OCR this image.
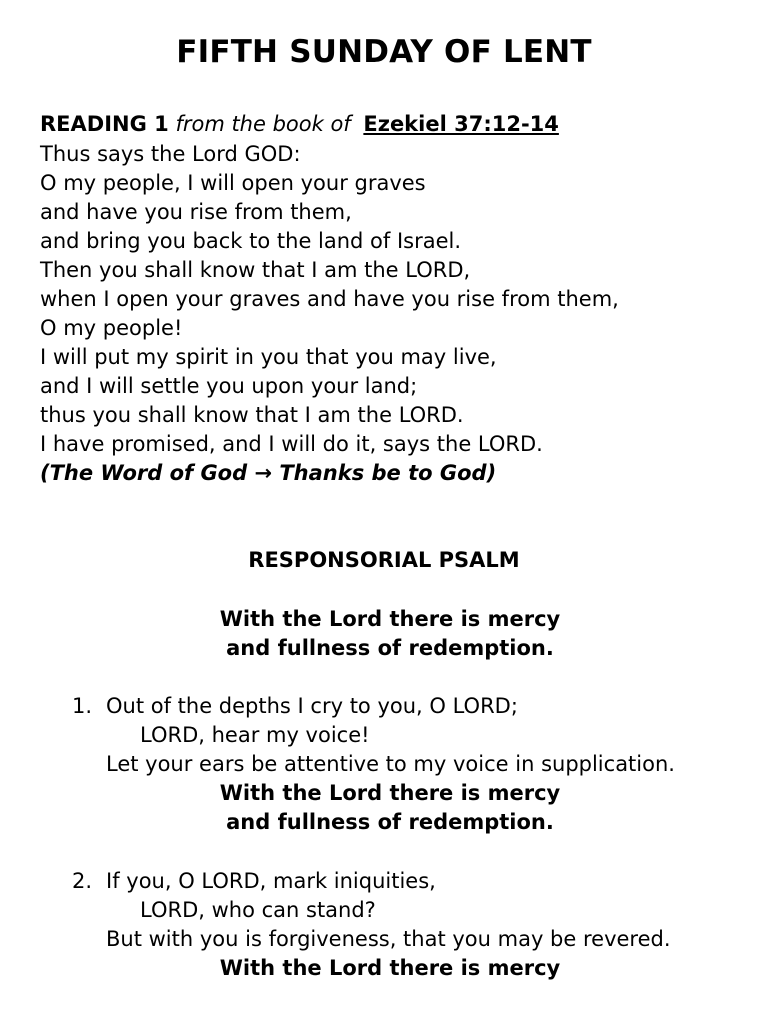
FIFTH SUNDAY OF LENT
READING 1 from the book of Ezekiel 37:12-14
Thus says the Lord GOD:
O my people, I will open your graves
and have you rise from them,
and bring you back to the land of Israel.
Then you shall know that I am the LORD,
when I open your graves and have you rise from them,
O my people!
I will put my spirit in you that you may live,
and I will settle you upon your land;
thus you shall know that I am the LORD.
I have promised, and I will do it, says the LORD.
(The Word of God → Thanks be to God)
RESPONSORIAL PSALM
With the Lord there is mercy
and fullness of redemption.
1. Out of the depths I cry to you, O LORD;
LORD, hear my voice!
Let your ears be attentive to my voice in supplication.
With the Lord there is mercy
and fullness of redemption.
2. If you, O LORD, mark iniquities,
LORD, who can stand?
But with you is forgiveness, that you may be revered.
With the Lord there is mercy
